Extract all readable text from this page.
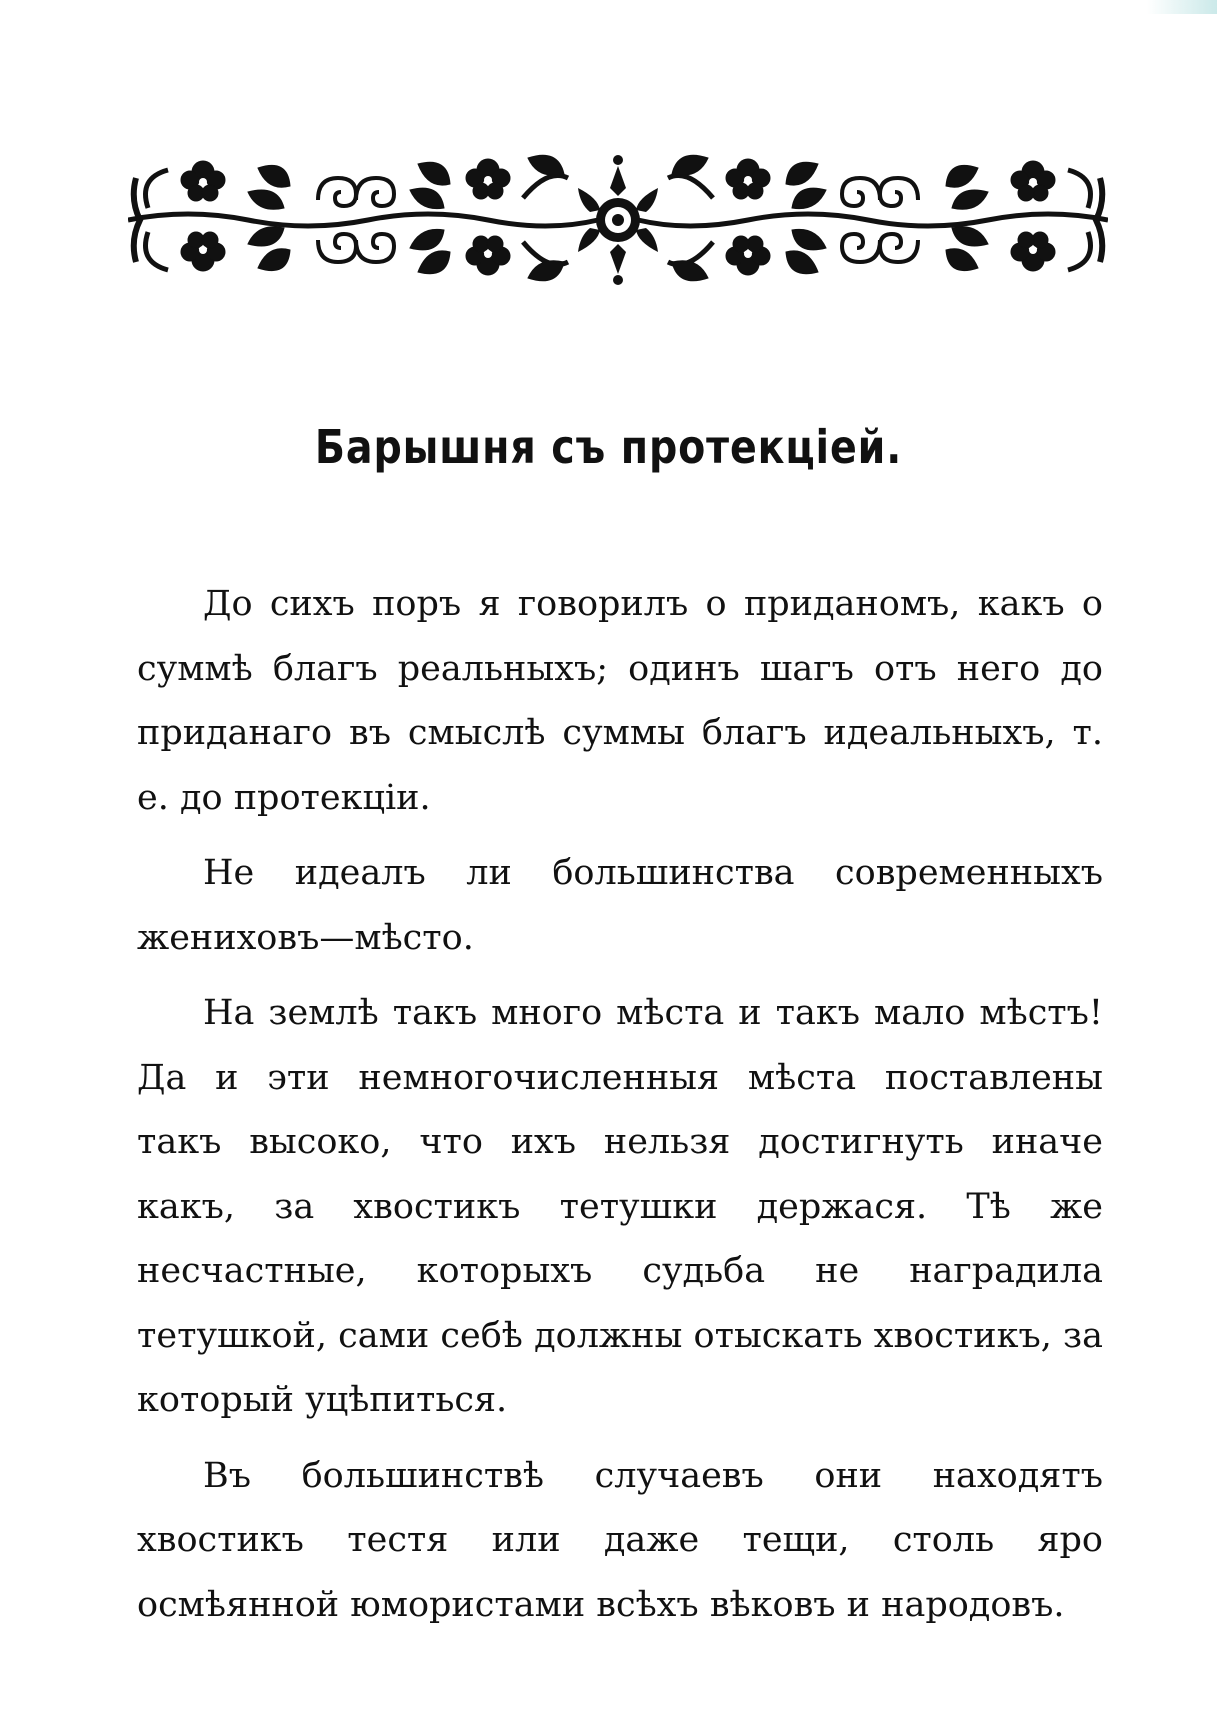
Барышня съ протекціей.

До сихъ поръ я говорилъ о приданомъ, какъ о суммѣ благъ реальныхъ; одинъ шагъ отъ него до приданаго въ смыслѣ суммы благъ идеальныхъ, т. е. до протекціи.

Не идеалъ ли большинства современныхъ жениховъ—мѣсто.

На землѣ такъ много мѣста и такъ мало мѣстъ! Да и эти немногочисленныя мѣста поставлены такъ высоко, что ихъ нельзя достигнуть иначе какъ, за хвостикъ тетушки держася. Тѣ же несчастные, которыхъ судьба не наградила тетушкой, сами себѣ должны отыскать хвостикъ, за который уцѣпиться.

Въ большинствѣ случаевъ они находятъ хвостикъ тестя или даже тещи, столь яро осмѣянной юмористами всѣхъ вѣковъ и народовъ.
